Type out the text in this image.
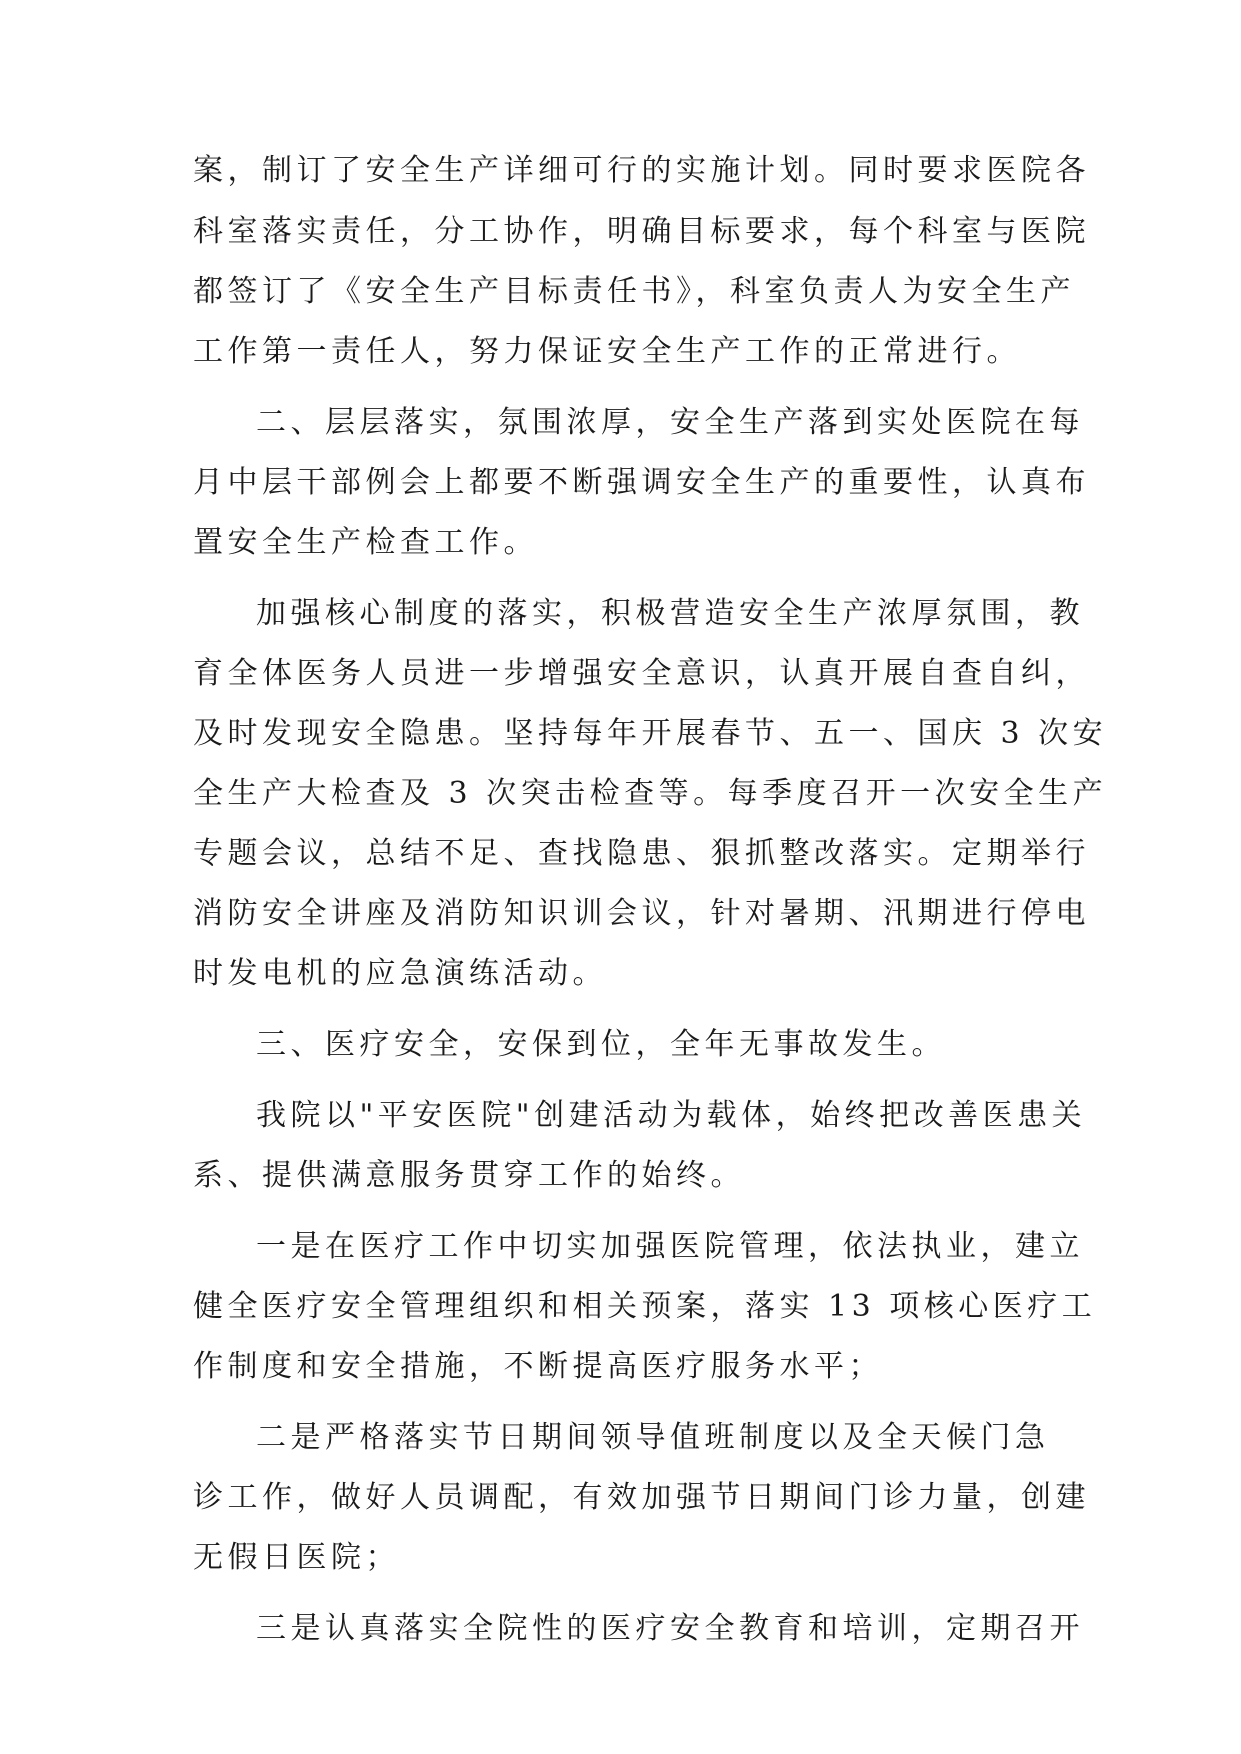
案，制订了安全生产详细可行的实施计划。同时要求医院各
科室落实责任，分工协作，明确目标要求，每个科室与医院
都签订了《安全生产目标责任书》，科室负责人为安全生产
工作第一责任人，努力保证安全生产工作的正常进行。
二、层层落实，氛围浓厚，安全生产落到实处医院在每
月中层干部例会上都要不断强调安全生产的重要性，认真布
置安全生产检查工作。
加强核心制度的落实，积极营造安全生产浓厚氛围，教
育全体医务人员进一步增强安全意识，认真开展自查自纠，
及时发现安全隐患。坚持每年开展春节、五一、国庆 3 次安
全生产大检查及 3 次突击检查等。每季度召开一次安全生产
专题会议，总结不足、查找隐患、狠抓整改落实。定期举行
消防安全讲座及消防知识训会议，针对暑期、汛期进行停电
时发电机的应急演练活动。
三、医疗安全，安保到位，全年无事故发生。
我院以"平安医院"创建活动为载体，始终把改善医患关
系、提供满意服务贯穿工作的始终。
一是在医疗工作中切实加强医院管理，依法执业，建立
健全医疗安全管理组织和相关预案，落实 13 项核心医疗工
作制度和安全措施，不断提高医疗服务水平；
二是严格落实节日期间领导值班制度以及全天候门急
诊工作，做好人员调配，有效加强节日期间门诊力量，创建
无假日医院；
三是认真落实全院性的医疗安全教育和培训，定期召开
